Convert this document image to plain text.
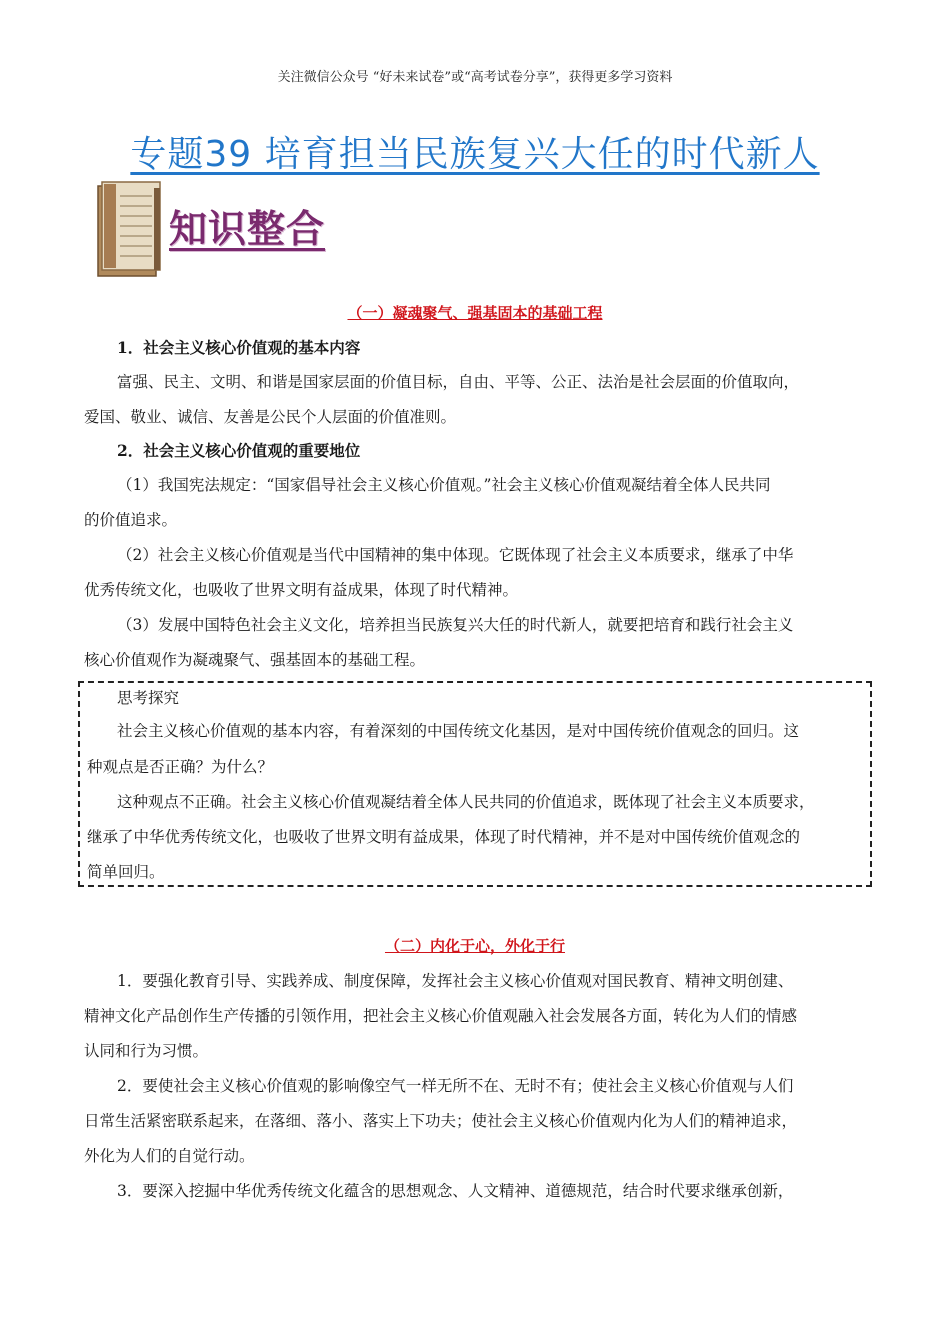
关注微信公众号 “好未来试卷”或“高考试卷分享”，获得更多学习资料
专题39 培育担当民族复兴大任的时代新人
知识整合
（一）凝魂聚气、强基固本的基础工程
1．社会主义核心价值观的基本内容
富强、民主、文明、和谐是国家层面的价值目标，自由、平等、公正、法治是社会层面的价值取向，
爱国、敬业、诚信、友善是公民个人层面的价值准则。
2．社会主义核心价值观的重要地位
（1）我国宪法规定：“国家倡导社会主义核心价值观。”社会主义核心价值观凝结着全体人民共同
的价值追求。
（2）社会主义核心价值观是当代中国精神的集中体现。它既体现了社会主义本质要求，继承了中华
优秀传统文化，也吸收了世界文明有益成果，体现了时代精神。
（3）发展中国特色社会主义文化，培养担当民族复兴大任的时代新人，就要把培育和践行社会主义
核心价值观作为凝魂聚气、强基固本的基础工程。
思考探究
社会主义核心价值观的基本内容，有着深刻的中国传统文化基因，是对中国传统价值观念的回归。这
种观点是否正确？为什么？
这种观点不正确。社会主义核心价值观凝结着全体人民共同的价值追求，既体现了社会主义本质要求，
继承了中华优秀传统文化，也吸收了世界文明有益成果，体现了时代精神，并不是对中国传统价值观念的
简单回归。
（二）内化于心，外化于行
1．要强化教育引导、实践养成、制度保障，发挥社会主义核心价值观对国民教育、精神文明创建、
精神文化产品创作生产传播的引领作用，把社会主义核心价值观融入社会发展各方面，转化为人们的情感
认同和行为习惯。
2．要使社会主义核心价值观的影响像空气一样无所不在、无时不有；使社会主义核心价值观与人们
日常生活紧密联系起来，在落细、落小、落实上下功夫；使社会主义核心价值观内化为人们的精神追求，
外化为人们的自觉行动。
3．要深入挖掘中华优秀传统文化蕴含的思想观念、人文精神、道德规范，结合时代要求继承创新，
